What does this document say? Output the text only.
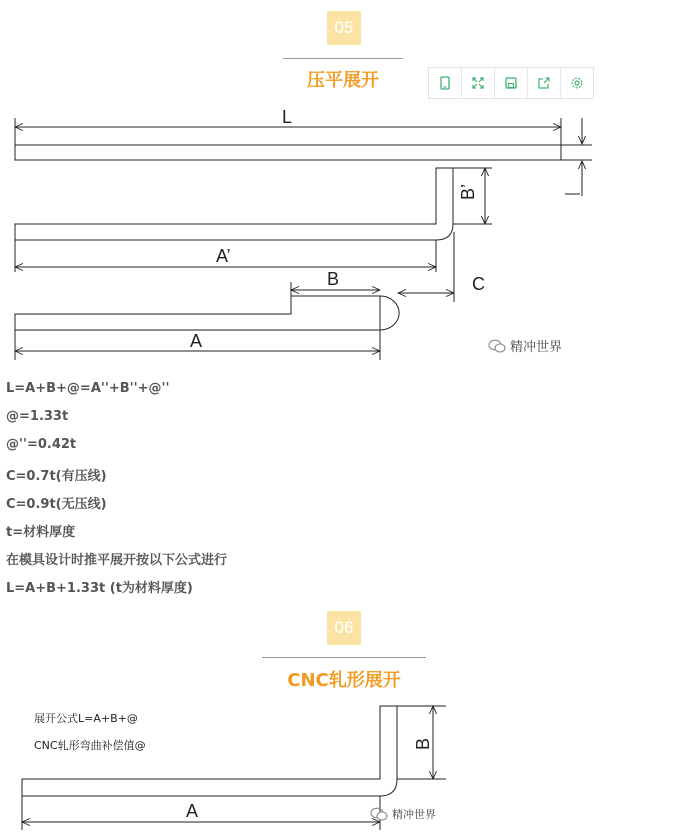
05
压平展开
L
B’
A’
B	C
A	精冲世界
L=A+B+@=A''+B''+@''
@=1.33t
@''=0.42t
C=0.7t(有压线)
C=0.9t(无压线)
t=材料厚度
在模具设计时推平展开按以下公式进行
L=A+B+1.33t (t为材料厚度)
06
CNC轧形展开
展开公式L=A+B+@
CNC轧形弯曲补偿值@	B
A	精冲世界
